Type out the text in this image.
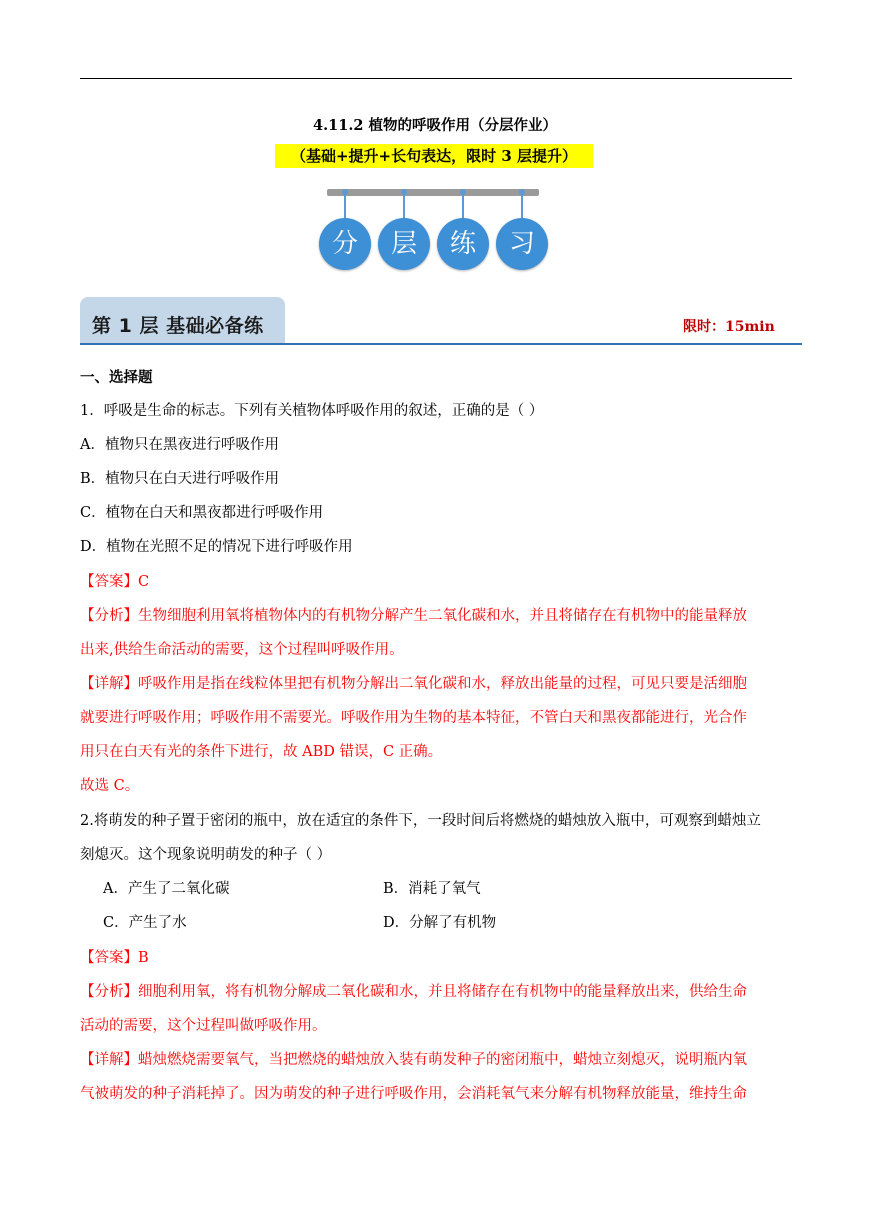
4.11.2 植物的呼吸作用（分层作业）
（基础+提升+长句表达，限时 3 层提升）
分	层	练	习
第 1 层 基础必备练	限时：15min
一、选择题
1．呼吸是生命的标志。下列有关植物体呼吸作用的叙述，正确的是（ ）
A．植物只在黑夜进行呼吸作用
B．植物只在白天进行呼吸作用
C．植物在白天和黑夜都进行呼吸作用
D．植物在光照不足的情况下进行呼吸作用
【答案】C
【分析】生物细胞利用氧将植物体内的有机物分解产生二氧化碳和水，并且将储存在有机物中的能量释放
出来,供给生命活动的需要，这个过程叫呼吸作用。
【详解】呼吸作用是指在线粒体里把有机物分解出二氧化碳和水，释放出能量的过程，可见只要是活细胞
就要进行呼吸作用；呼吸作用不需要光。呼吸作用为生物的基本特征，不管白天和黑夜都能进行，光合作
用只在白天有光的条件下进行，故 ABD 错误，C 正确。
故选 C。
2.将萌发的种子置于密闭的瓶中，放在适宜的条件下，一段时间后将燃烧的蜡烛放入瓶中，可观察到蜡烛立
刻熄灭。这个现象说明萌发的种子（ ）
A．产生了二氧化碳	B．消耗了氧气
C．产生了水	D．分解了有机物
【答案】B
【分析】细胞利用氧，将有机物分解成二氧化碳和水，并且将储存在有机物中的能量释放出来，供给生命
活动的需要，这个过程叫做呼吸作用。
【详解】蜡烛燃烧需要氧气，当把燃烧的蜡烛放入装有萌发种子的密闭瓶中，蜡烛立刻熄灭，说明瓶内氧
气被萌发的种子消耗掉了。因为萌发的种子进行呼吸作用，会消耗氧气来分解有机物释放能量，维持生命
